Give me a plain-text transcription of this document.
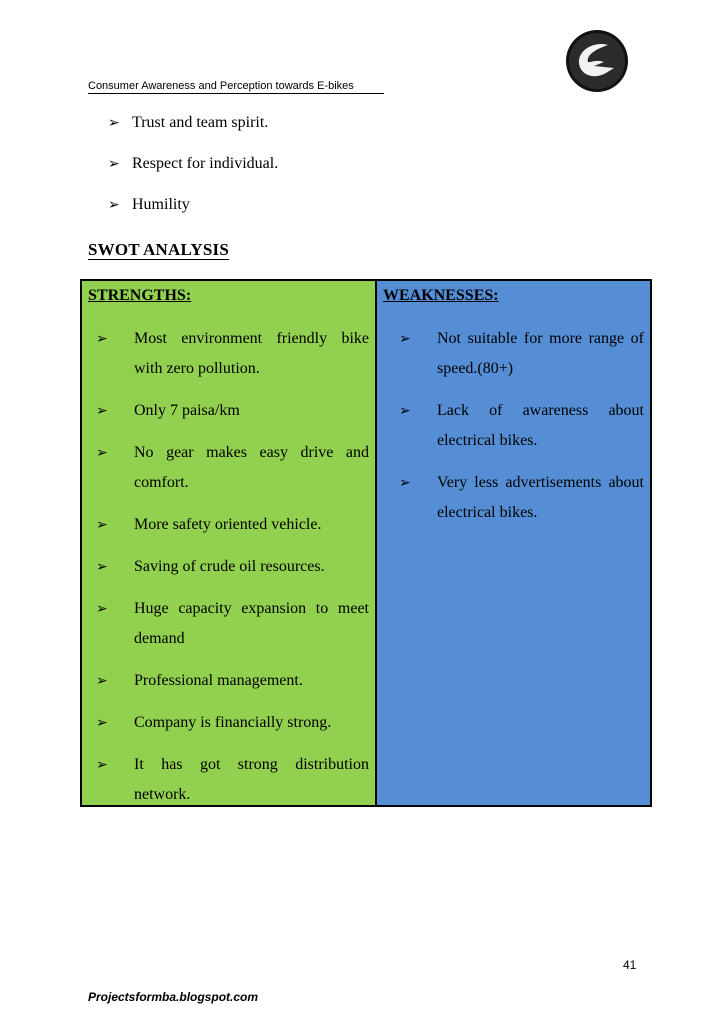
Consumer Awareness and Perception towards E-bikes
➢ Trust and team spirit.
➢ Respect for individual.
➢ Humility
SWOT ANALYSIS
STRENGTHS:
➢ Most environment friendly bike with zero pollution.
➢ Only 7 paisa/km
➢ No gear makes easy drive and comfort.
➢ More safety oriented vehicle.
➢ Saving of crude oil resources.
➢ Huge capacity expansion to meet demand
➢ Professional management.
➢ Company is financially strong.
➢ It has got strong distribution network.
WEAKNESSES:
➢ Not suitable for more range of speed.(80+)
➢ Lack of awareness about electrical bikes.
➢ Very less advertisements about electrical bikes.
41
Projectsformba.blogspot.com
